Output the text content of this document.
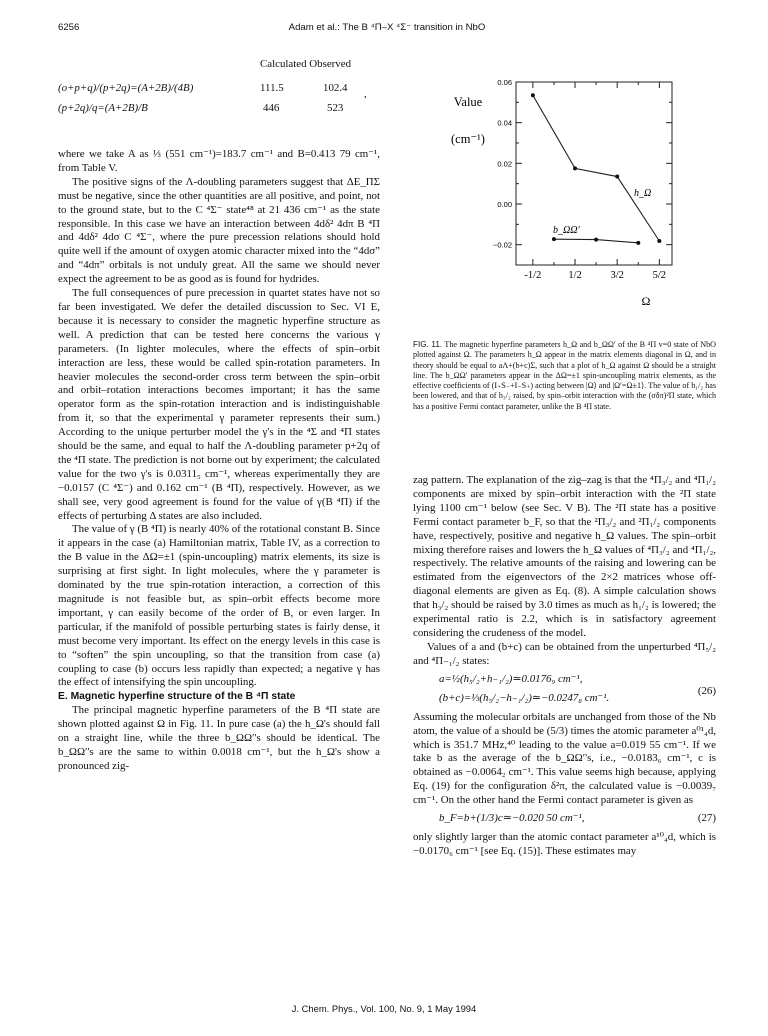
6256	Adam et al.: The B ⁴Π–X ⁴Σ⁻ transition in NbO
Calculated Observed
(o+p+q)/(p+2q)=(A+2B)/(4B)	111.5	102.4 ,
(p+2q)/q=(A+2B)/B	446	523

where we take A as ⅓ (551 cm⁻¹)=183.7 cm⁻¹ and B=0.413 79 cm⁻¹, from Table V.

The positive signs of the Λ-doubling parameters suggest that ΔE_ΠΣ must be negative, since the other quantities are all positive, and point, not to the ground state, but to the C ⁴Σ⁻ state⁴⁸ at 21 436 cm⁻¹ as the state responsible. In this case we have an interaction between 4dδ² 4dπ B ⁴Π and 4dδ² 4dσ C ⁴Σ⁻, where the pure precession relations should hold quite well if the amount of oxygen atomic character mixed into the “4dσ” and “4dπ” orbitals is not unduly great. All the same we should never expect the agreement to be as good as is found for hydrides.

The full consequences of pure precession in quartet states have not so far been investigated. We defer the detailed discussion to Sec. VI E, because it is necessary to consider the magnetic hyperfine structure as well. A prediction that can be tested here concerns the various γ parameters. (In lighter molecules, where the effects of spin–orbit interaction are less, these would be called spin-rotation parameters. In heavier molecules the second-order cross term between the spin–orbit and orbit–rotation interactions becomes important; it has the same operator form as the spin-rotation interaction and is indistinguishable from it, so that the experimental γ parameter represents their sum.) According to the unique perturber model the γ's in the ⁴Σ and ⁴Π states should be the same, and equal to half the Λ-doubling parameter p+2q of the ⁴Π state. The prediction is not borne out by experiment; the calculated value for the two γ's is 0.0311₅ cm⁻¹, whereas experimentally they are −0.0157 (C ⁴Σ⁻) and 0.162 cm⁻¹ (B ⁴Π), respectively. However, as we shall see, very good agreement is found for the value of γ(B ⁴Π) if the effects of perturbing Δ states are also included.

The value of γ (B ⁴Π) is nearly 40% of the rotational constant B. Since it appears in the case (a) Hamiltonian matrix, Table IV, as a correction to the B value in the ΔΩ=±1 (spin-uncoupling) matrix elements, its size is surprising at first sight. In light molecules, where the γ parameter is dominated by the true spin-rotation interaction, a correction of this magnitude is not feasible but, as spin–orbit effects become more important, γ can easily become of the order of B, or even larger. In particular, if the manifold of possible perturbing states is fairly dense, it must become very important. Its effect on the energy levels in this case is to “soften” the spin uncoupling, so that the transition from case (a) coupling to case (b) occurs less rapidly than expected; a negative γ has the effect of intensifying the spin uncoupling.

E. Magnetic hyperfine structure of the B ⁴Π state

The principal magnetic hyperfine parameters of the B ⁴Π state are shown plotted against Ω in Fig. 11. In pure case (a) the h_Ω's should fall on a straight line, while the three b_ΩΩ′'s should be identical. The b_ΩΩ′'s are the same to within 0.0018 cm⁻¹, but the h_Ω's show a pronounced zig-

0.06
0.04
0.02
0.00
−0.02
-1/2	1/2	3/2	5/2
Value
(cm⁻¹)
h_Ω
b_ΩΩ′
Ω
FIG. 11. The magnetic hyperfine parameters h_Ω and b_ΩΩ′ of the B ⁴Π v=0 state of NbO plotted against Ω. The parameters h_Ω appear in the matrix elements diagonal in Ω, and in theory should be equal to aΛ+(b+c)Σ, such that a plot of h_Ω against Ω should be a straight line. The b_ΩΩ′ parameters appear in the ΔΩ=±1 spin-uncoupling matrix elements, as the effective coefficients of (I₊S₋+I₋S₊) acting between |Ω⟩ and |Ω′=Ω±1⟩. The value of h₁/₂ has been lowered, and that of h₃/₂ raised, by spin–orbit interaction with the (σδπ)²Π state, which has a positive Fermi contact parameter, unlike the B ⁴Π state.

zag pattern. The explanation of the zig–zag is that the ⁴Π₃/₂ and ⁴Π₁/₂ components are mixed by spin–orbit interaction with the ²Π state lying 1100 cm⁻¹ below (see Sec. V B). The ²Π state has a positive Fermi contact parameter b_F, so that the ²Π₃/₂ and ²Π₁/₂ components have, respectively, positive and negative h_Ω values. The spin–orbit mixing therefore raises and lowers the h_Ω values of ⁴Π₃/₂ and ⁴Π₁/₂, respectively. The relative amounts of the raising and lowering can be estimated from the eigenvectors of the 2×2 matrices whose off-diagonal elements are given as Eq. (8). A simple calculation shows that h₃/₂ should be raised by 3.0 times as much as h₁/₂ is lowered; the experimental ratio is 2.2, which is in satisfactory agreement considering the crudeness of the model.

Values of a and (b+c) can be obtained from the unperturbed ⁴Π₅/₂ and ⁴Π₋₁/₂ states:

a=½(h₅/₂+h₋₁/₂)≃0.0176₉ cm⁻¹,
(b+c)=⅓(h₅/₂−h₋₁/₂)≃−0.0247₈ cm⁻¹.
(26)

Assuming the molecular orbitals are unchanged from those of the Nb atom, the value of a should be (5/3) times the atomic parameter a⁰¹₄d, which is 351.7 MHz,⁴⁰ leading to the value a=0.019 55 cm⁻¹. If we take b as the average of the b_ΩΩ′'s, i.e., −0.0183₆ cm⁻¹, c is obtained as −0.0064₂ cm⁻¹. This value seems high because, applying Eq. (19) for the configuration δ²π, the calculated value is −0.0039₇ cm⁻¹. On the other hand the Fermi contact parameter is given as

b_F=b+(1/3)c≃−0.020 50 cm⁻¹,	(27)

only slightly larger than the atomic contact parameter a¹⁰₄d, which is −0.0170₆ cm⁻¹ [see Eq. (15)]. These estimates may

J. Chem. Phys., Vol. 100, No. 9, 1 May 1994
